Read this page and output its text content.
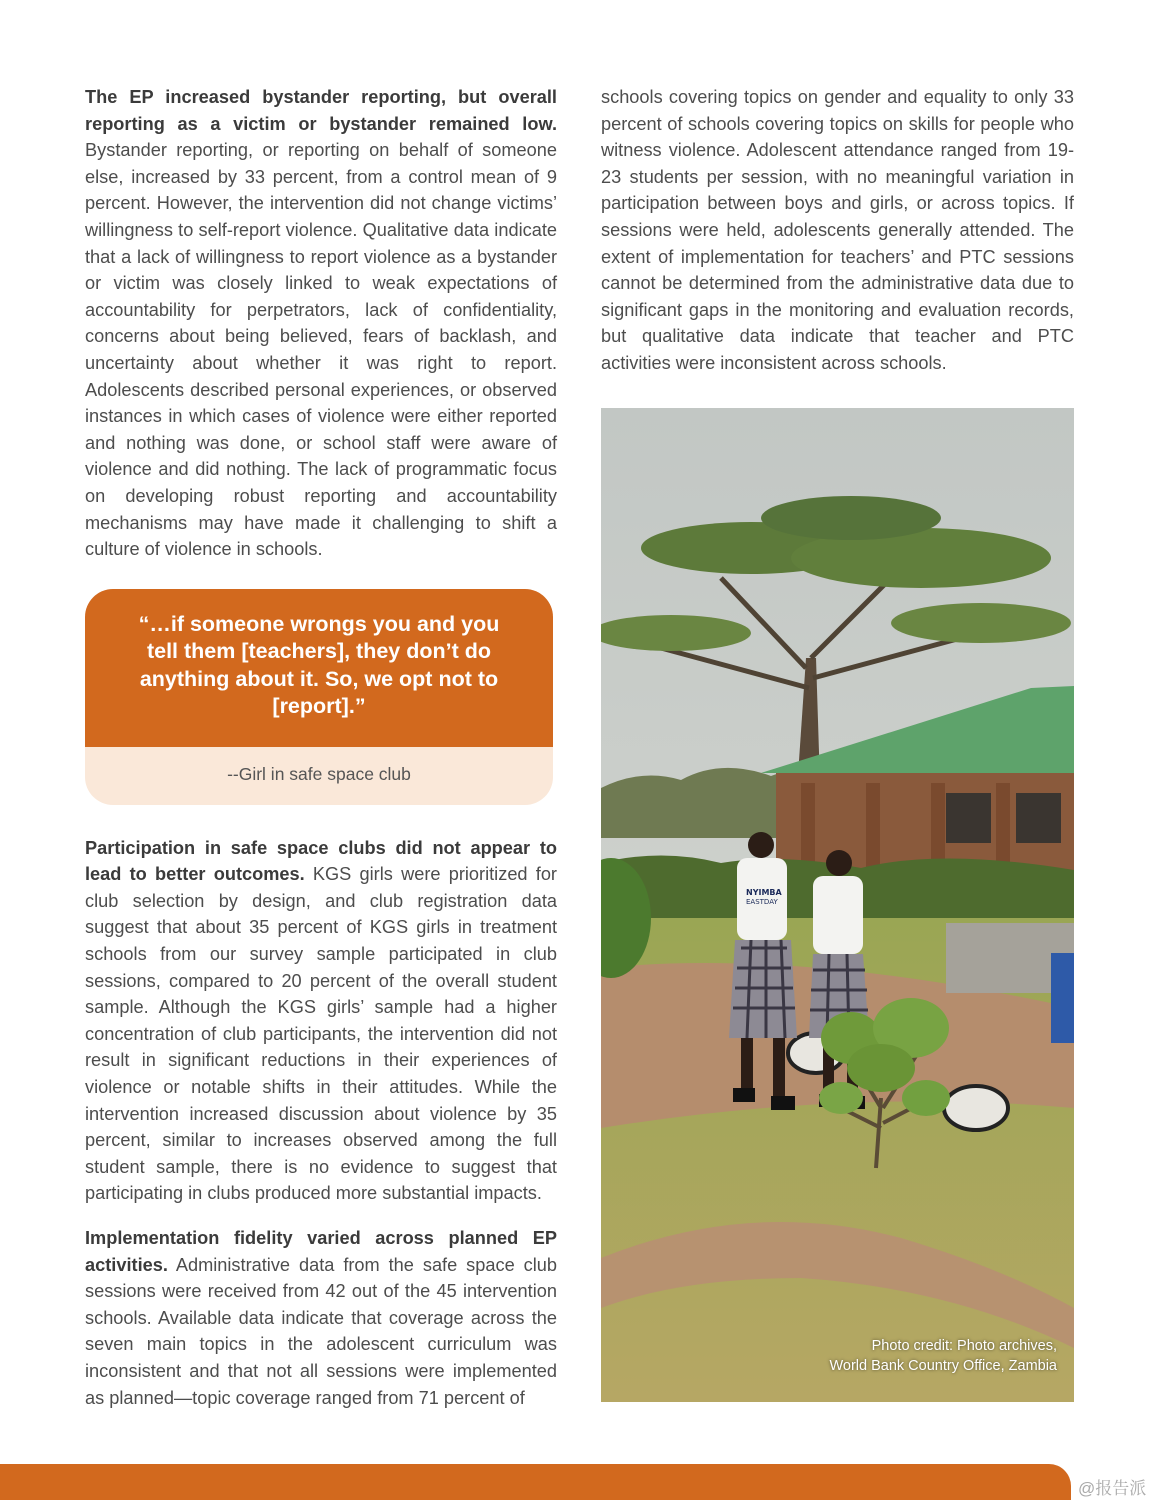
The EP increased bystander reporting, but overall reporting as a victim or bystander remained low. Bystander reporting, or reporting on behalf of someone else, increased by 33 percent, from a control mean of 9 percent. However, the intervention did not change victims’ willingness to self-report violence. Qualitative data indicate that a lack of willingness to report violence as a bystander or victim was closely linked to weak expectations of accountability for perpetrators, lack of confidentiality, concerns about being believed, fears of backlash, and uncertainty about whether it was right to report. Adolescents described personal experiences, or observed instances in which cases of violence were either reported and nothing was done, or school staff were aware of violence and did nothing. The lack of programmatic focus on developing robust reporting and accountability mechanisms may have made it challenging to shift a culture of violence in schools.

“…if someone wrongs you and you tell them [teachers], they don’t do anything about it. So, we opt not to [report].”
--Girl in safe space club

Participation in safe space clubs did not appear to lead to better outcomes. KGS girls were prioritized for club selection by design, and club registration data suggest that about 35 percent of KGS girls in treatment schools from our survey sample participated in club sessions, compared to 20 percent of the overall student sample. Although the KGS girls’ sample had a higher concentration of club participants, the intervention did not result in significant reductions in their experiences of violence or notable shifts in their attitudes. While the intervention increased discussion about violence by 35 percent, similar to increases observed among the full student sample, there is no evidence to suggest that participating in clubs produced more substantial impacts.

Implementation fidelity varied across planned EP activities. Administrative data from the safe space club sessions were received from 42 out of the 45 intervention schools. Available data indicate that coverage across the seven main topics in the adolescent curriculum was inconsistent and that not all sessions were implemented as planned—topic coverage ranged from 71 percent of

schools covering topics on gender and equality to only 33 percent of schools covering topics on skills for people who witness violence. Adolescent attendance ranged from 19-23 students per session, with no meaningful variation in participation between boys and girls, or across topics. If sessions were held, adolescents generally attended. The extent of implementation for teachers’ and PTC sessions cannot be determined from the administrative data due to significant gaps in the monitoring and evaluation records, but qualitative data indicate that teacher and PTC activities were inconsistent across schools.

NYIMBA
EASTDAY
Photo credit: Photo archives,
World Bank Country Office, Zambia
@报告派
